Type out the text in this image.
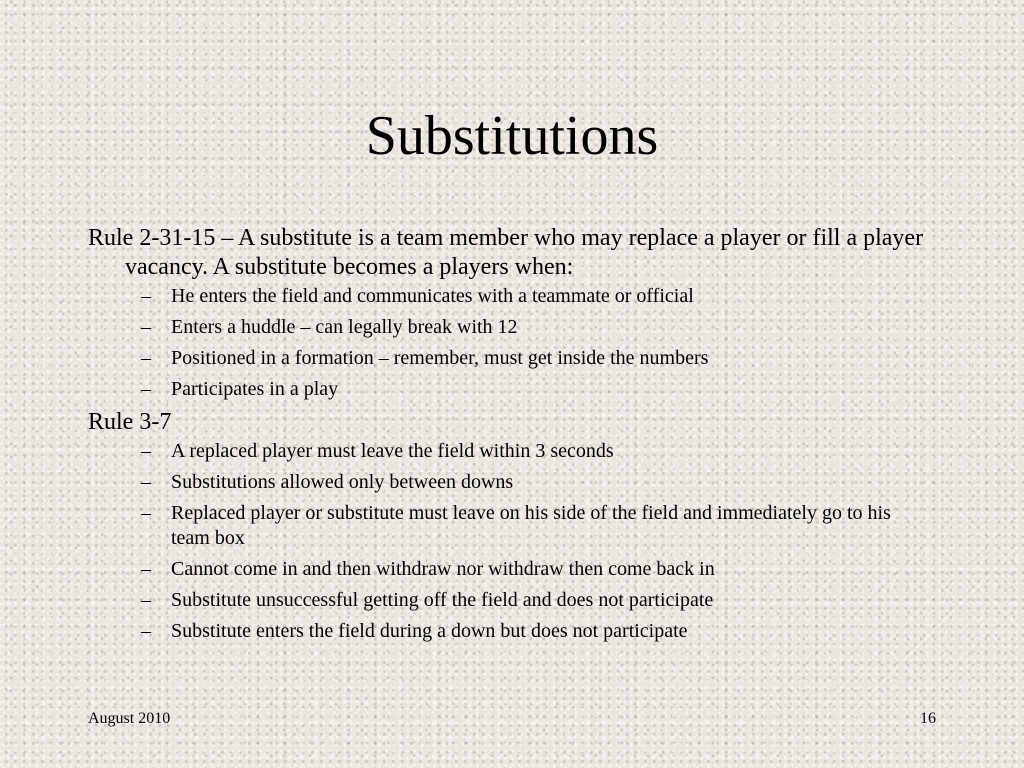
Substitutions

Rule 2-31-15 – A substitute is a team member who may replace a player or fill a player vacancy. A substitute becomes a players when:

– He enters the field and communicates with a teammate or official
– Enters a huddle – can legally break with 12
– Positioned in a formation – remember, must get inside the numbers
– Participates in a play

Rule 3-7

– A replaced player must leave the field within 3 seconds
– Substitutions allowed only between downs
– Replaced player or substitute must leave on his side of the field and immediately go to his team box
– Cannot come in and then withdraw nor withdraw then come back in
– Substitute unsuccessful getting off the field and does not participate
– Substitute enters the field during a down but does not participate
August 2010	16
